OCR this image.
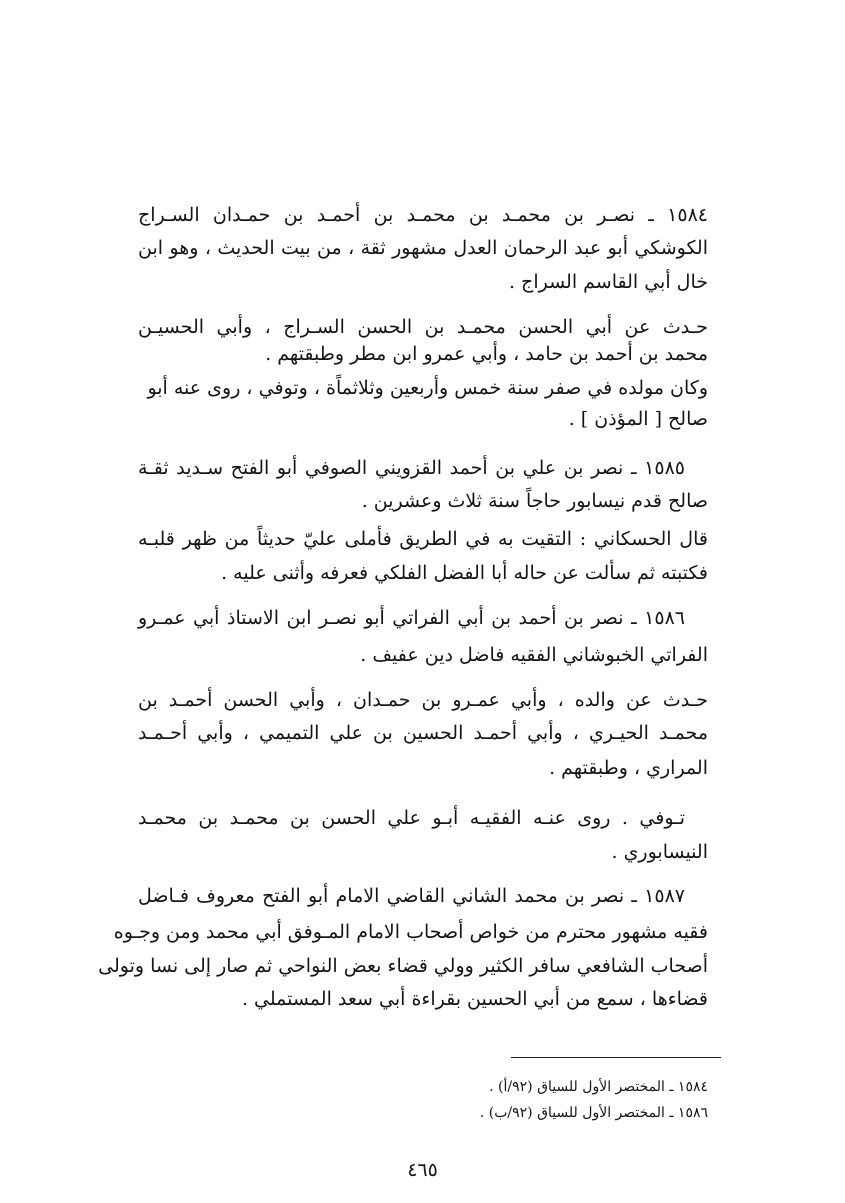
١٥٨٤ ـ نصـر بن محمـد بن محمـد بن أحمـد بن حمـدان السـراج
الكوشكي أبو عبد الرحمان العدل مشهور ثقة ، من بيت الحديث ، وهو ابن
خال أبي القاسم السراج .
حـدث عن أبي الحسن محمـد بن الحسن السـراج ، وأبي الحسيـن
محمد بن أحمد بن حامد ، وأبي عمرو ابن مطر وطبقتهم .
وكان مولده في صفر سنة خمس وأربعين وثلاثماًة ، وتوفي ، روى عنه أبو
صالح [ المؤذن ] .
١٥٨٥ ـ نصر بن علي بن أحمد القزويني الصوفي أبو الفتح سـديد ثقـة
صالح قدم نيسابور حاجاً سنة ثلاث وعشرين .
قال الحسكاني : التقيت به في الطريق فأملى عليّ حديثاً من ظهر قلبـه
فكتبته ثم سألت عن حاله أبا الفضل الفلكي فعرفه وأثنى عليه .
١٥٨٦ ـ نصر بن أحمد بن أبي الفراتي أبو نصـر ابن الاستاذ أبي عمـرو
الفراتي الخبوشاني الفقيه فاضل دين عفيف .
حـدث عن والده ، وأبي عمـرو بن حمـدان ، وأبي الحسن أحمـد بن
محمـد الحيـري ، وأبي أحمـد الحسين بن علي التميمي ، وأبي أحـمـد
المراري ، وطبقتهم .
تـوفي . روى عنـه الفقيـه أبـو علي الحسن بن محمـد بن محمـد
النيسابوري .
١٥٨٧ ـ نصر بن محمد الشاني القاضي الامام أبو الفتح معروف فـاضل
فقيه مشهور محترم من خواص أصحاب الامام المـوفق أبي محمد ومن وجـوه
أصحاب الشافعي سافر الكثير وولي قضاء بعض النواحي ثم صار إلى نسا وتولى
قضاءها ، سمع من أبي الحسين بقراءة أبي سعد المستملي .
١٥٨٤ ـ المختصر الأول للسياق (٩٢/أ) .
١٥٨٦ ـ المختصر الأول للسياق (٩٢/ب) .
٤٦٥
